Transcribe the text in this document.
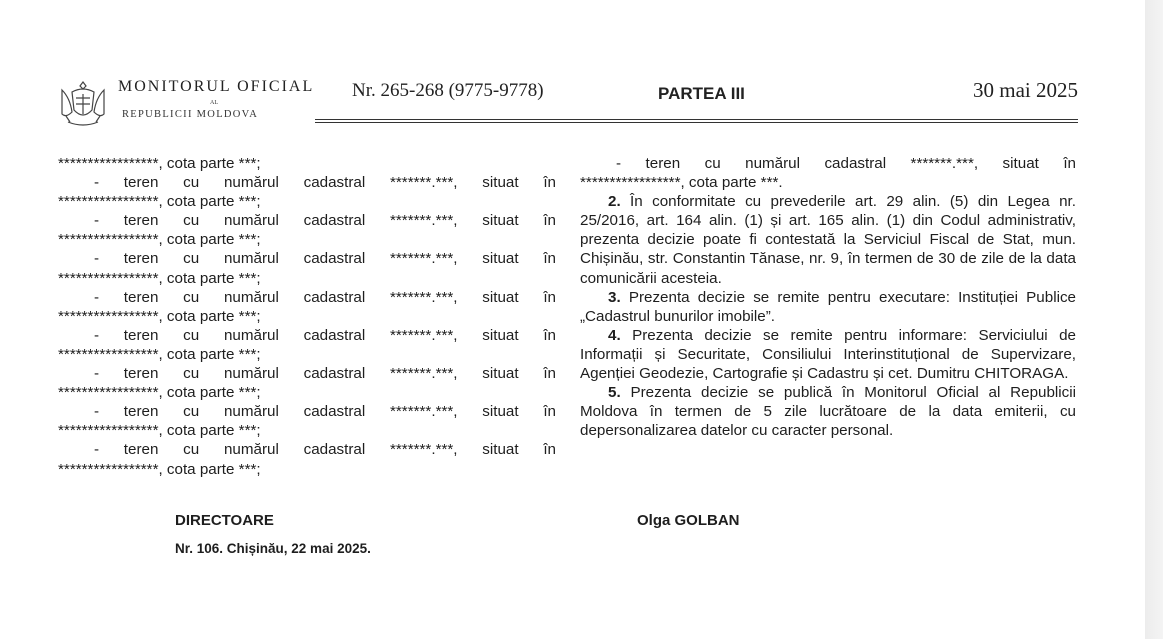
MONITORUL OFICIAL
AL
REPUBLICII MOLDOVA
Nr. 265-268 (9775-9778)	PARTEA III	30 mai 2025

*****************, cota parte ***;

- teren cu numărul cadastral *******.***, situat în

*****************, cota parte ***;

- teren cu numărul cadastral *******.***, situat în

*****************, cota parte ***;

- teren cu numărul cadastral *******.***, situat în

*****************, cota parte ***;

- teren cu numărul cadastral *******.***, situat în

*****************, cota parte ***;

- teren cu numărul cadastral *******.***, situat în

*****************, cota parte ***;

- teren cu numărul cadastral *******.***, situat în

*****************, cota parte ***;

- teren cu numărul cadastral *******.***, situat în

*****************, cota parte ***;

- teren cu numărul cadastral *******.***, situat în

*****************, cota parte ***;

- teren cu numărul cadastral *******.***, situat în

*****************, cota parte ***.

2. În conformitate cu prevederile art. 29 alin. (5) din Legea nr. 25/2016, art. 164 alin. (1) și art. 165 alin. (1) din Codul administrativ, prezenta decizie poate fi contestată la Serviciul Fiscal de Stat, mun. Chișinău, str. Constantin Tănase, nr. 9, în termen de 30 de zile de la data comunicării acesteia.

3. Prezenta decizie se remite pentru executare: Instituției Publice „Cadastrul bunurilor imobile”.

4. Prezenta decizie se remite pentru informare: Serviciului de Informații și Securitate, Consiliului Interinstituțional de Supervizare, Agenției Geodezie, Cartografie și Cadastru și cet. Dumitru CHITORAGA.

5. Prezenta decizie se publică în Monitorul Oficial al Republicii Moldova în termen de 5 zile lucrătoare de la data emiterii, cu depersonalizarea datelor cu caracter personal.

DIRECTOARE	Olga GOLBAN
Nr. 106. Chișinău, 22 mai 2025.
